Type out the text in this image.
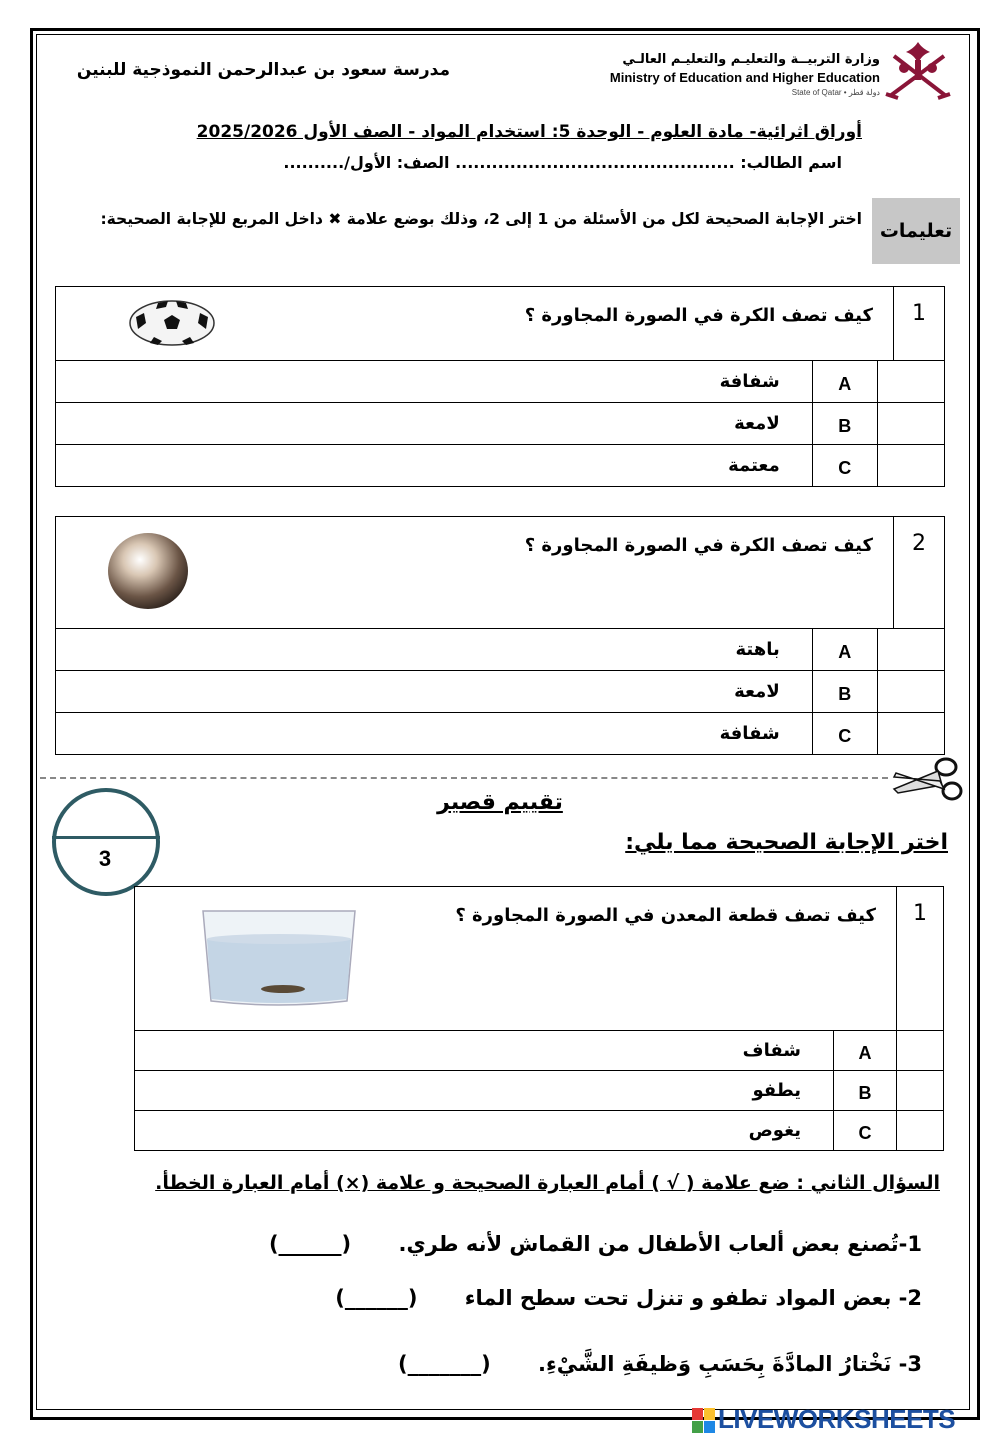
مدرسة سعود بن عبدالرحمن النموذجية للبنين
وزارة التربيــة والتعليـم والتعليـم العالـي
Ministry of Education and Higher Education
State of Qatar • دولة قطر
أوراق اثرائية- مادة العلوم - الوحدة 5: استخدام المواد - الصف الأول 2025/2026
اسم الطالب: .............................................. الصف: الأول/..........
تعليمات
اختر الإجابة الصحيحة لكل من الأسئلة من 1 إلى 2، وذلك بوضع علامة ✖ داخل المربع للإجابة الصحيحة:
كيف تصف الكرة في الصورة المجاورة ؟			1
شفافة	A		
لامعة	B		
معتمة	C		
كيف تصف الكرة في الصورة المجاورة ؟			2
باهتة	A		
لامعة	B		
شفافة	C		
3
تقييم قصير
اختر الإجابة الصحيحة مما يلي:
كيف تصف قطعة المعدن في الصورة المجاورة ؟		1
شفاف	A	
يطفو	B	
يغوص	C	
السؤال الثاني : ضع علامة ( √ ) أمام العبارة الصحيحة و علامة (×) أمام العبارة الخطأ.
1-تُصنع بعض ألعاب الأطفال من القماش لأنه طري. (______)
2- بعض المواد تطفو و تنزل تحت سطح الماء (______)
3- نَخْتارُ المادَّةَ بِحَسَبِ وَظيفَةِ الشَّيْءِ. (_______)
LIVEWORKSHEETS
